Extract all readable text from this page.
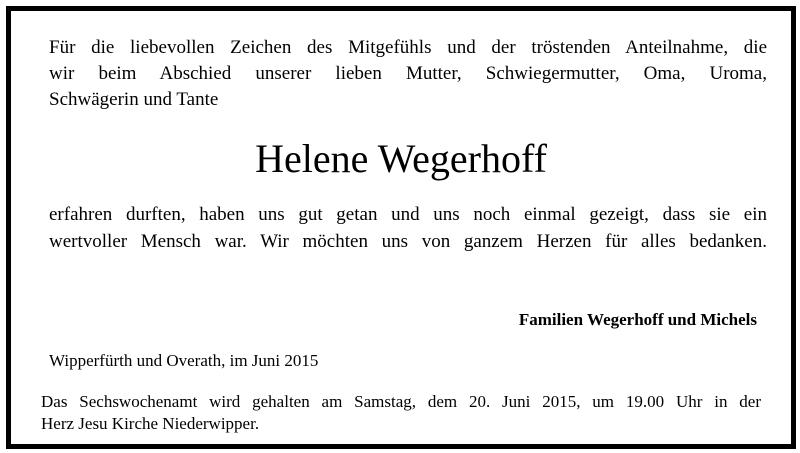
Für die liebevollen Zeichen des Mitgefühls und der tröstenden Anteilnahme, die
wir beim Abschied unserer lieben Mutter, Schwiegermutter, Oma, Uroma,
Schwägerin und Tante

Helene Wegerhoff

erfahren durften, haben uns gut getan und uns noch einmal gezeigt, dass sie ein
wertvoller Mensch war. Wir möchten uns von ganzem Herzen für alles bedanken.

Familien Wegerhoff und Michels
Wipperfürth und Overath, im Juni 2015

Das Sechswochenamt wird gehalten am Samstag, dem 20. Juni 2015, um 19.00 Uhr in der
Herz Jesu Kirche Niederwipper.
